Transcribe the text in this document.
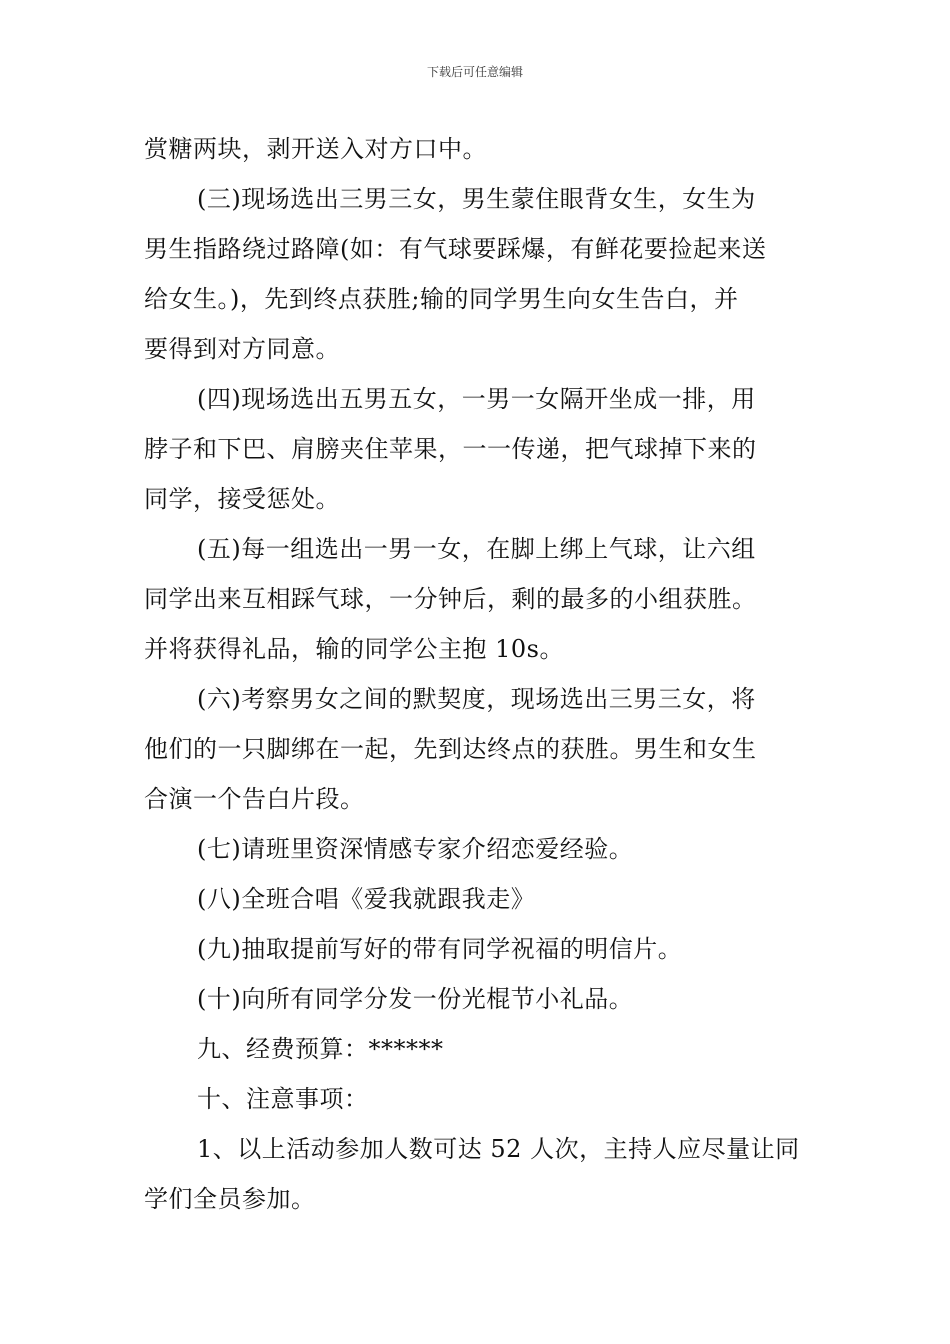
下载后可任意编辑
赏糖两块，剥开送入对方口中。
(三)现场选出三男三女，男生蒙住眼背女生，女生为
男生指路绕过路障(如：有气球要踩爆，有鲜花要捡起来送
给女生。)，先到终点获胜;输的同学男生向女生告白，并
要得到对方同意。
(四)现场选出五男五女，一男一女隔开坐成一排，用
脖子和下巴、肩膀夹住苹果，一一传递，把气球掉下来的
同学，接受惩处。
(五)每一组选出一男一女，在脚上绑上气球，让六组
同学出来互相踩气球，一分钟后，剩的最多的小组获胜。
并将获得礼品，输的同学公主抱 10s。
(六)考察男女之间的默契度，现场选出三男三女，将
他们的一只脚绑在一起，先到达终点的获胜。男生和女生
合演一个告白片段。
(七)请班里资深情感专家介绍恋爱经验。
(八)全班合唱《爱我就跟我走》
(九)抽取提前写好的带有同学祝福的明信片。
(十)向所有同学分发一份光棍节小礼品。
九、经费预算：******
十、注意事项：
1、以上活动参加人数可达 52 人次，主持人应尽量让同
学们全员参加。
